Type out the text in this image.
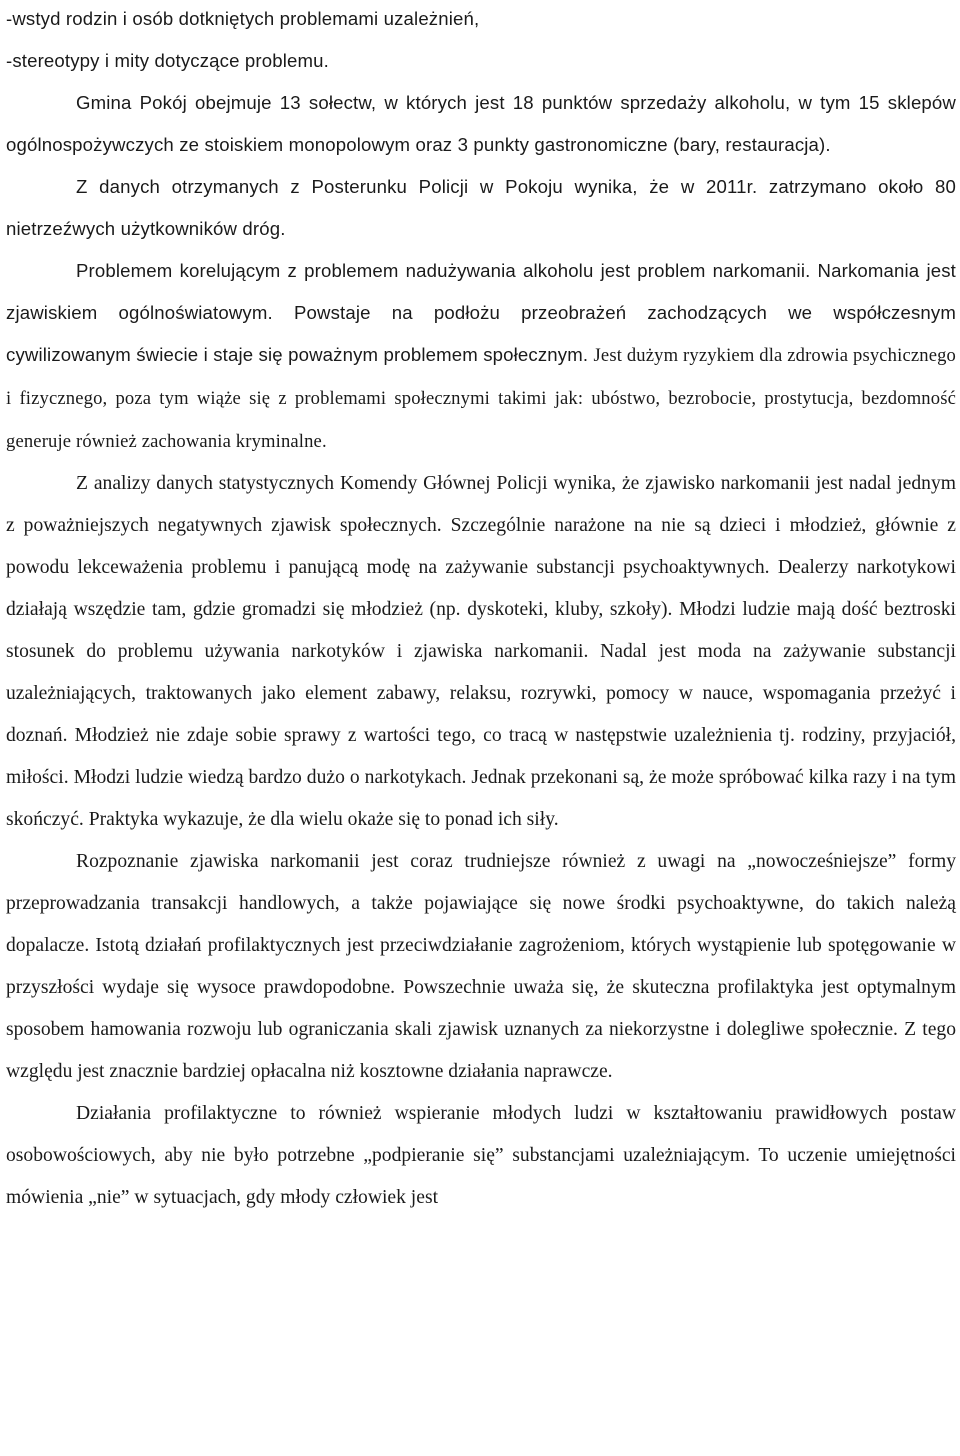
-wstyd rodzin i osób dotkniętych problemami uzależnień,
-stereotypy i mity dotyczące problemu.

Gmina Pokój obejmuje 13 sołectw, w których jest 18 punktów sprzedaży alkoholu, w tym 15 sklepów ogólnospożywczych ze stoiskiem monopolowym oraz 3 punkty gastronomiczne (bary, restauracja).

Z danych otrzymanych z Posterunku Policji w Pokoju wynika, że w 2011r. zatrzymano około 80 nietrzeźwych użytkowników dróg.

Problemem korelującym z problemem nadużywania alkoholu jest problem narkomanii. Narkomania jest zjawiskiem ogólnoświatowym. Powstaje na podłożu przeobrażeń zachodzących we współczesnym cywilizowanym świecie i staje się poważnym problemem społecznym. Jest dużym ryzykiem dla zdrowia psychicznego i fizycznego, poza tym wiąże się z problemami społecznymi takimi jak: ubóstwo, bezrobocie, prostytucja, bezdomność generuje również zachowania kryminalne.

Z analizy danych statystycznych Komendy Głównej Policji wynika, że zjawisko narkomanii jest nadal jednym z poważniejszych negatywnych zjawisk społecznych. Szczególnie narażone na nie są dzieci i młodzież, głównie z powodu lekceważenia problemu i panującą modę na zażywanie substancji psychoaktywnych. Dealerzy narkotykowi działają wszędzie tam, gdzie gromadzi się młodzież (np. dyskoteki, kluby, szkoły). Młodzi ludzie mają dość beztroski stosunek do problemu używania narkotyków i zjawiska narkomanii. Nadal jest moda na zażywanie substancji uzależniających, traktowanych jako element zabawy, relaksu, rozrywki, pomocy w nauce, wspomagania przeżyć i doznań. Młodzież nie zdaje sobie sprawy z wartości tego, co tracą w następstwie uzależnienia tj. rodziny, przyjaciół, miłości. Młodzi ludzie wiedzą bardzo dużo o narkotykach. Jednak przekonani są, że może spróbować kilka razy i na tym skończyć. Praktyka wykazuje, że dla wielu okaże się to ponad ich siły.

Rozpoznanie zjawiska narkomanii jest coraz trudniejsze również z uwagi na „nowocześniejsze” formy przeprowadzania transakcji handlowych, a także pojawiające się nowe środki psychoaktywne, do takich należą dopalacze. Istotą działań profilaktycznych jest przeciwdziałanie zagrożeniom, których wystąpienie lub spotęgowanie w przyszłości wydaje się wysoce prawdopodobne. Powszechnie uważa się, że skuteczna profilaktyka jest optymalnym sposobem hamowania rozwoju lub ograniczania skali zjawisk uznanych za niekorzystne i dolegliwe społecznie. Z tego względu jest znacznie bardziej opłacalna niż kosztowne działania naprawcze.

Działania profilaktyczne to również wspieranie młodych ludzi w kształtowaniu prawidłowych postaw osobowościowych, aby nie było potrzebne „podpieranie się” substancjami uzależniającym. To uczenie umiejętności mówienia „nie” w sytuacjach, gdy młody człowiek jest
